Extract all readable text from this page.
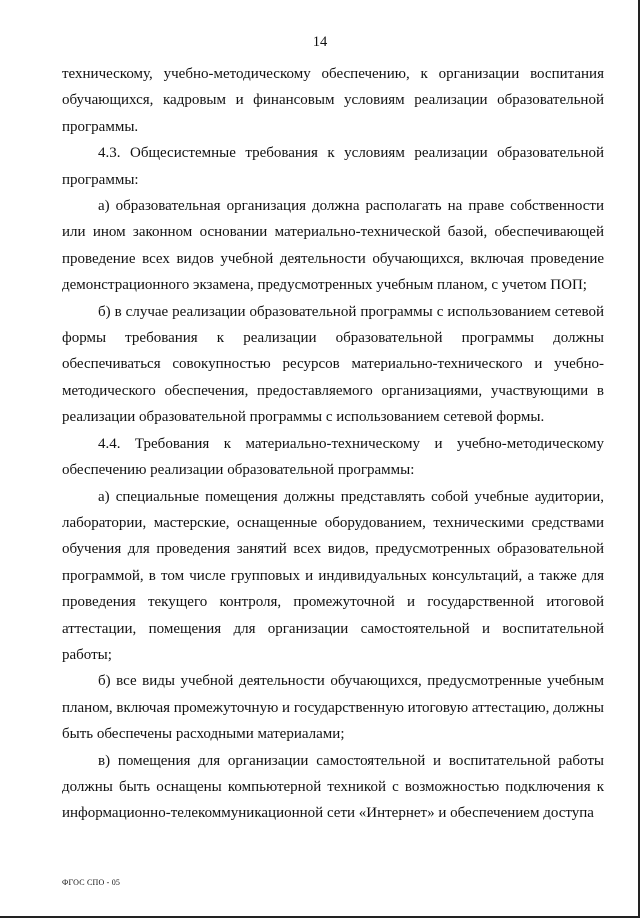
14

техническому, учебно-методическому обеспечению, к организации воспитания обучающихся, кадровым и финансовым условиям реализации образовательной программы.

4.3. Общесистемные требования к условиям реализации образовательной программы:

а) образовательная организация должна располагать на праве собственности или ином законном основании материально-технической базой, обеспечивающей проведение всех видов учебной деятельности обучающихся, включая проведение демонстрационного экзамена, предусмотренных учебным планом, с учетом ПОП;

б) в случае реализации образовательной программы с использованием сетевой формы требования к реализации образовательной программы должны обеспечиваться совокупностью ресурсов материально-технического и учебно-методического обеспечения, предоставляемого организациями, участвующими в реализации образовательной программы с использованием сетевой формы.

4.4. Требования к материально-техническому и учебно-методическому обеспечению реализации образовательной программы:

а) специальные помещения должны представлять собой учебные аудитории, лаборатории, мастерские, оснащенные оборудованием, техническими средствами обучения для проведения занятий всех видов, предусмотренных образовательной программой, в том числе групповых и индивидуальных консультаций, а также для проведения текущего контроля, промежуточной и государственной итоговой аттестации, помещения для организации самостоятельной и воспитательной работы;

б) все виды учебной деятельности обучающихся, предусмотренные учебным планом, включая промежуточную и государственную итоговую аттестацию, должны быть обеспечены расходными материалами;

в) помещения для организации самостоятельной и воспитательной работы должны быть оснащены компьютерной техникой с возможностью подключения к информационно-телекоммуникационной сети «Интернет» и обеспечением доступа

ФГОС СПО - 05
